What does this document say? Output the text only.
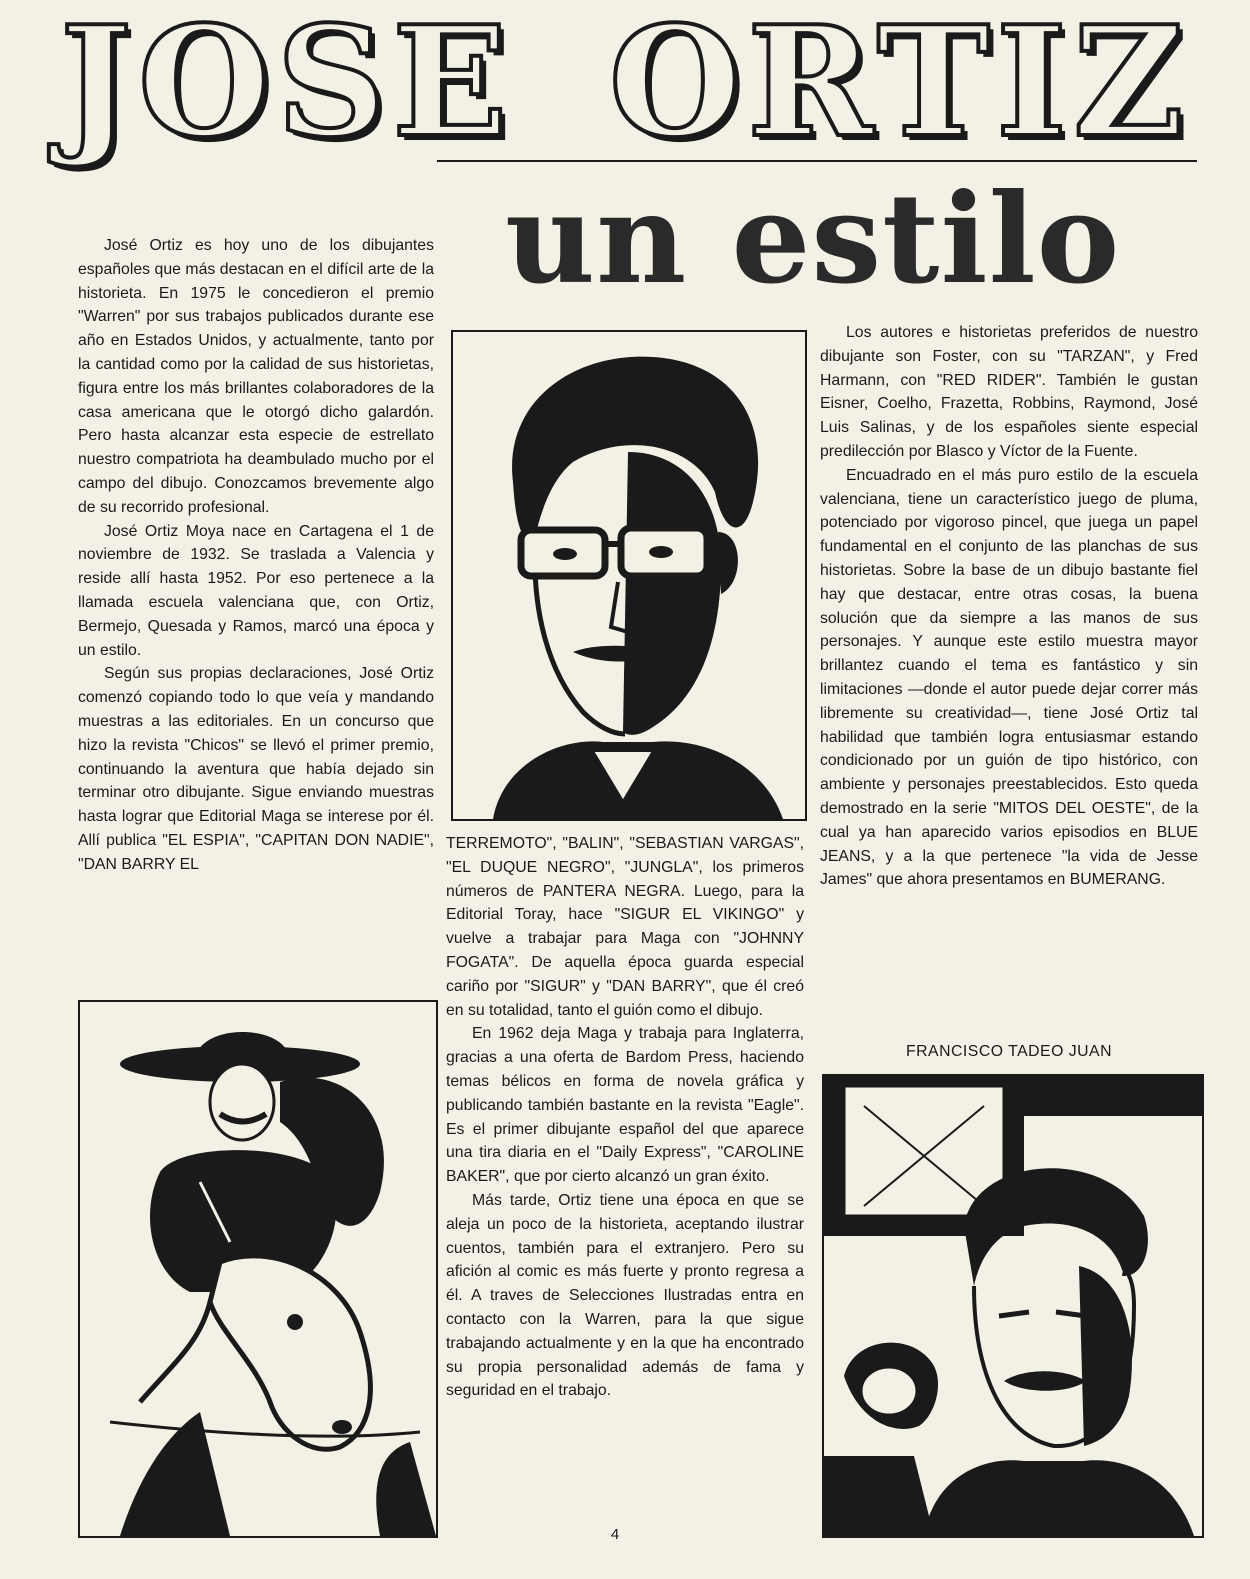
JOSE ORTIZ
un estilo

José Ortiz es hoy uno de los dibujantes españoles que más destacan en el difícil arte de la historieta. En 1975 le concedieron el premio "Warren" por sus trabajos publicados durante ese año en Estados Unidos, y actualmente, tanto por la cantidad como por la calidad de sus historietas, figura entre los más brillantes colaboradores de la casa americana que le otorgó dicho galardón. Pero hasta alcanzar esta especie de estrellato nuestro compatriota ha deambulado mucho por el campo del dibujo. Conozcamos brevemente algo de su recorrido profesional.

José Ortiz Moya nace en Cartagena el 1 de noviembre de 1932. Se traslada a Valencia y reside allí hasta 1952. Por eso pertenece a la llamada escuela valenciana que, con Ortiz, Bermejo, Quesada y Ramos, marcó una época y un estilo.

Según sus propias declaraciones, José Ortiz comenzó copiando todo lo que veía y mandando muestras a las editoriales. En un concurso que hizo la revista "Chicos" se llevó el primer premio, continuando la aventura que había dejado sin terminar otro dibujante. Sigue enviando muestras hasta lograr que Editorial Maga se interese por él. Allí publica "EL ESPIA", "CAPITAN DON NADIE", "DAN BARRY EL

TERREMOTO", "BALIN", "SEBASTIAN VARGAS", "EL DUQUE NEGRO", "JUNGLA", los primeros números de PANTERA NEGRA. Luego, para la Editorial Toray, hace "SIGUR EL VIKINGO" y vuelve a trabajar para Maga con "JOHNNY FOGATA". De aquella época guarda especial cariño por "SIGUR" y "DAN BARRY", que él creó en su totalidad, tanto el guión como el dibujo.

En 1962 deja Maga y trabaja para Inglaterra, gracias a una oferta de Bardom Press, haciendo temas bélicos en forma de novela gráfica y publicando también bastante en la revista "Eagle". Es el primer dibujante español del que aparece una tira diaria en el "Daily Express", "CAROLINE BAKER", que por cierto alcanzó un gran éxito.

Más tarde, Ortiz tiene una época en que se aleja un poco de la historieta, aceptando ilustrar cuentos, también para el extranjero. Pero su afición al comic es más fuerte y pronto regresa a él. A traves de Selecciones Ilustradas entra en contacto con la Warren, para la que sigue trabajando actualmente y en la que ha encontrado su propia personalidad además de fama y seguridad en el trabajo.

Los autores e historietas preferidos de nuestro dibujante son Foster, con su "TARZAN", y Fred Harmann, con "RED RIDER". También le gustan Eisner, Coelho, Frazetta, Robbins, Raymond, José Luis Salinas, y de los españoles siente especial predilección por Blasco y Víctor de la Fuente.

Encuadrado en el más puro estilo de la escuela valenciana, tiene un característico juego de pluma, potenciado por vigoroso pincel, que juega un papel fundamental en el conjunto de las planchas de sus historietas. Sobre la base de un dibujo bastante fiel hay que destacar, entre otras cosas, la buena solución que da siempre a las manos de sus personajes. Y aunque este estilo muestra mayor brillantez cuando el tema es fantástico y sin limitaciones —donde el autor puede dejar correr más libremente su creatividad—, tiene José Ortiz tal habilidad que también logra entusiasmar estando condicionado por un guión de tipo histórico, con ambiente y personajes preestablecidos. Esto queda demostrado en la serie "MITOS DEL OESTE", de la cual ya han aparecido varios episodios en BLUE JEANS, y a la que pertenece "la vida de Jesse James" que ahora presentamos en BUMERANG.

FRANCISCO TADEO JUAN
4
